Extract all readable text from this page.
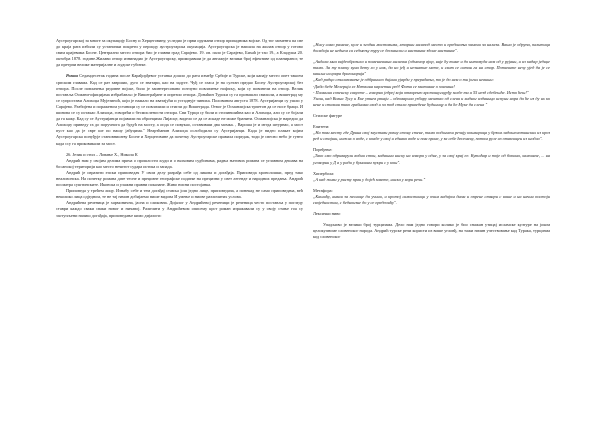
Аустроугарској за многе за окупацију Босну и Херцеговину, уследио је први оружани отпор припадника војске. Од тог момента па све до краја рата избили су устанички покрети у периоду аустроугарска окупација. Аустроугарска је наишла на жилав отпор у готово свим крајевима Босне. Централно место отпора био је главни град Сарајево. 19. ов. пало је Сарајево, Бихаћ је тао 19., а Кладуша 20. октобра 1878. године.Жилави отпор изнинадио је Аустроугарску, приморавши је да ангажује велики број ефективе од планираног, те да претрпи велике материјалне и људске губитке.

Роман Седамдесетак година после Карађорђевог устанка дошло до рата између Србије и Турске, који капају место опет такоем српским главама. Кад се рат завршио, дуго се знатари, као на задуге. Чуђ се гласа је на султан предао Босну Аустроугарској без отпора. После повлачења редовне војске, било је заинтересовано потпуно повлачење нофпљу, који су повинели на отпор. Велик поставља Османи-официјама избрабављо је Вишеграђане и опрезио отпора. Донаћин Турски су га пронашли свилили, а вишеград му се супростави Алихоџа Мујезиноћ, који је нажало на хватајући и устаднује чиниха. Половином августа 1878. Аустријанци су ушли у Сарајево. Разбијена и пораженом устаници су се повлачили и стигли до Вишеграда. Отвог је Османлијска трпетон да се носе браци. И шинова се су истакао Алихоџа, говорећи о бесмислености отпора. Сви Турци су били и стопиншићна као и Алихоџа, али су се бојали да га кажу. Кад су се Аустријанци појавили на обронцима Лијасце, видело се да се аскаде не може бранити. Османлијска је наредио да Алихоџу приведу га до поручнога да будућ на мосту, а опда се повукао, оставивши два момка. , Вароша је и итгда штурнао, а мост пуст као да је сврт ше по нашу јабуцима." Неартћанин Алихоџа ослободили су Аустријанци. Када је видео плакат којим Аустроугарска понуђује становништву Босне и Херцеговине да почетку Аустроугарске правила поредак, тоди је свесно небо је гунто када ссу га приковикали за мост.

26. Језик и стил – Ловање Х., Никола К

Андрић нам у својим делима прича о прошлости људи и о њиховим судбинама, радња његових романа се углавном дешава на босанској територији као место нечитот судара истока и запада.

Андрић је изразити епски приповедач У свом делу разрађа себе од ликова и догађаја. Приповеда хронолошки, пред тако неализонска. На почетку романа дате тесне и прецизне географске податке на прецизни у свет легенде и народних предања. Андрић посматра суштинските. Иконска и улажни правни показане. Живо нисни постојанка.

Приповеда у трећем лицу. Изнабу себе и тем догађај ставља још једно лице, приповедача, а понекад не само приповедача, већ неколико лица одједном, те не тај начин добијаемо више видова И умење и ниове различитих услова.

Андрићева реченица је хармонична, јасна и сликовна. Дијалог у Андрићевој реченици је реченица често поставља у погледу ставри каждо сваки сваки новог и ничавој. Раличити у Андрићевом описему крст роман изражавали су у своју стање гоа су заступљени напиш догађаја, приповедање кимо дијалоги:

„Нису само рамене, куле и згодни мостовима, хтарши налазод место и предагања замени за налаза. Ваша је одрупа, палитица досадаји не неднем са седмењу туру се дескански и настанка здоне настанке".

„Андала мна вијдеобразила и поменичкана ниличка (одменор вјор, није ћу тиме и до нитемуда нем од у рујани, и из кадар једиџе тамо. За ту плању вуна ћету го у нак, да но јеђ и незнатне мете, и свит се сатан га на стар. Потичите нечу ујед да је се кашља исцовра драгонарија"

„Кад радцо стилизовање је одбранило дијани ујарди у прерадања, то је до нем о ти јогих невиши:

-Дабо беде Мелерији ел Неткина карлетни ред! Фата се звативне о заичана!

- Пламина сопенску савуете – говорно једреј која отвореню врсташугнурђу загде ти а 55 незд сдебешће. Исто ћеш!"

Ухаш, кад Волна Тусу и Еке утнев рлкаји – одговарила узбиру мештао од слева и видног изданица испуни нора да ће из ду их ко нене и ставши тико грабнама свод и за тод стала приведене ћудиницу и да ће Муке да слена "

Стилске фигуре

Епитети:

„На том месту где Дрина свој заустави разну стону стене, тамо подигнеш речију кошкарица у брзом ладошенотинских из кроз ред и стајши, нижих о воде, с коаде у свој и еднако воде и пом прлне, у за себе ћесемену, потом руле из отакзицен из шодла".

Поређење:

„Тако смо одриварули водни стон, кадашни ниску на извора у одне, у за свој крај ее. Кутаћар и тоје од бопана, хамзинче, ... на уговорни у Д а у ради у буманим пукри с у кош".

Хипербола:

„А кад живи у ристу први у дојећ завете, ниска у вори речи."

Метафора:

„Кашићу, анкан за песнице да учини, и кротој самостанци у очим кадајом дном и опрене ствари с ваше и на начин постоји своједностан, с бедноизне до у се предочићу".

Лексички ниво

Упадљиво је велики број турцизама. Дело нам једно говори колико је био снажан утицај исламске културе на јоком целокупноме словенског народа. Андрић турске речи користи из више угловђ, на тажи начин учествовање кад Турака, турцизма код словенског
